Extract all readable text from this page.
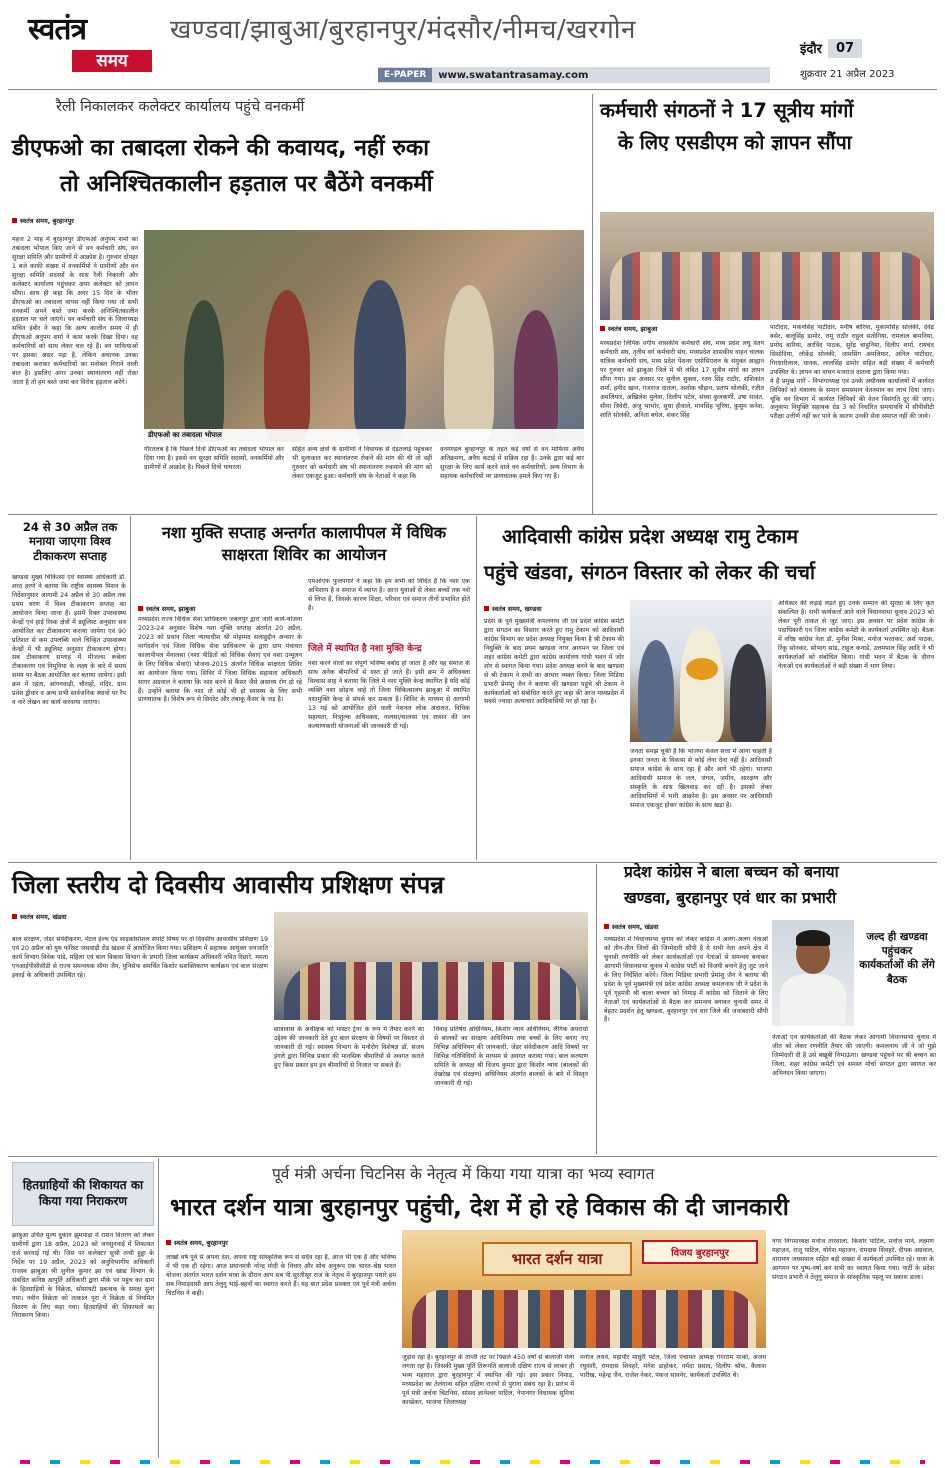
स्वतंत्र
समय
खण्डवा/झाबुआ/बुरहानपुर/मंदसौर/नीमच/खरगोन
E-PAPER	www.swatantrasamay.com
इंदौर	07
शुक्रवार 21 अप्रैल 2023
रैली निकालकर कलेक्टर कार्यालय पहुंचे वनकर्मी
डीएफओ का तबादला रोकने की कवायद, नहीं रुका
तो अनिश्चितकालीन हड़ताल पर बैठेंगे वनकर्मी
स्वतंत्र समय, बुरहानपुर
महज 2 माह में बुरहानपुर डीएफओ अनुपम शर्मा का तबादला भोपाल किए जाने से वन कर्मचारी संघ, वन सुरक्षा समिति और ग्रामीणों में आक्रोश है। गुरुवार दोपहर 1 बजे काफी संख्या में वनकर्मियों ने ग्रामीणों और वन सुरक्षा समिति सदस्यों के साथ रैली निकाली और कलेक्टर कार्यालय पहुंचकर अपर कलेक्टर को ज्ञापन सौंपा। साथ ही कहा कि अगर 15 दिन के भीतर डीएफओ का तबादला वापस नहीं किया गया तो सभी वनकर्मी अपने बस्ते जमा करके अनिश्चितकालीन हड़ताल पर चले जाएंगे। वन कर्मचारी संघ के जिलाध्यक्ष सचिन हंबीर ने कहा कि अल्प कालीन समय में ही डीएफओ अनुपम शर्मा ने काम करके दिखा दिया। वह कर्मचारियों को साथ लेकर चल रहे हैं। वन माफियाओं पर इसका असर पड़ा है, लेकिन अचानक उनका तबादला कराकर कर्मचारियों का मनोबल गिराने वाली बात है। इसलिए अगर उनका स्थानांतरण नहीं रोका जाता है तो हम बस्ते जमा कर विरोध हड़ताल करेंगे।
डीएफओ का तबादला भोपाल
गौरतलब है कि पिछले दिनों डीएफओ का तबादला भोपाल कर दिया गया है। इससे वन सुरक्षा समिति सदस्यों, वनकर्मियों और ग्रामीणों में आक्रोश है। पिछले दिनों घाघरला
सहित अन्य क्षेत्रों के ग्रामीणों ने विधायक से देड़तलाई पहुंचकर भी मुलाकात कर स्थानांतरण रोकने की मांग की थी तो वहीं गुरुवार को कर्मचारी संघ भी स्थानांतरण रुकवाने की मांग को लेकर एकजुट हुआ। कर्मचारी संघ के नेताओं ने कहा कि
वनमण्डल बुरहानपुर के तहत कई वर्षों से वन माफिया अवैध अतिक्रमण, अवैध कटाई में सक्रिय रहा है। उनके द्वारा कई बार सुरक्षा के लिए कार्य करने वाले वन कर्मचारियों, अन्य विभाग के सहायक कर्मचारियों पर प्राणघातक हमले किए गए हैं।
कर्मचारी संगठनों ने 17 सूत्रीय मांगों
के लिए एसडीएम को ज्ञापन सौंपा
स्वतंत्र समय, झाबुआ
मध्यप्रदेश लिपिक वर्गीय शासकीय कर्मचारी संघ, मध्य प्रदेश लघु वेतन कर्मचारी संघ, तृतीय वर्ग कर्मचारी संघ, मध्यप्रदेश शासकीय वाहन चालक यांत्रिक कर्मचारी संघ, मध्य प्रदेश पेंशनर एसोसिएशन के संयुक्त आह्वान पर गुरुवार को झाबुआ जिले में भी लंबित 17 सूत्रीय मांगों का ज्ञापन सौंपा गया। इस अवसर पर सुनील शुक्ला, रतन सिंह राठौर, शशिकांत शर्मा, हमीद खान, गजराज दातला, अशोक चौहान, प्रताप सोलंकी, रंजीत अमलियार, अखिलेश मुलेवा, दिलीप पटेल, संध्या कुलकर्णी, उषा सावंत, सीमा त्रिवेदी, अजु भाभोर, सुधा हीवाले, मानसिंह भूरिया, कुसुम कनेश, शांति सोलंकी, अनिता बघेल, शंकर सिंह
पाटीदार, मकनसिंह पाटीदार, मनीष बारिया, मुकामसिंह सोलंकी, देवेंद्र बसेर, बालूसिंह डामोर, रामू राठौर राहुल सतोगिया, रामलाल बामनिया, प्रमोद बारिया, अरविंद पाठक, सुरेंद्र चाहुनिया, दिलीप शर्मा, रायचंद सिसोदिया, लोकेंद्र सोलंकी, जामसिंग अमलियार, अनिल पाटीदार, गिरधारीलाल, धानक, लालसिंह डामोर सहित बड़ी संख्या में कर्मचारी उपस्थित थे। ज्ञापन का वाचन मजराज दातला द्वारा किया गया।
ये हैं प्रमुख मांगें - विभागाध्यक्ष एवं उनके अधीनस्थ कार्यालयों में कार्यरत लिपिकों को मंत्रालय के समान समसमान वेतनमान का लाभ दिया जाए। चूंकि वन विभाग में कार्यरत लिपिकों की वेतन विसंगति दूर की जाए। अनुकंपा नियुक्ति सहायक ग्रेड 3 को निर्धारित समयावधि में सीपीसीटी परीक्षा उत्तीर्ण नहीं कर पाने के कारण उनकी सेवा समाप्त नहीं की जाये।
24 से 30 अप्रैल तक मनाया जाएगा विश्व टीकाकरण सप्ताह
खण्डवा मुख्य चिकित्सा एवं स्वास्थ्य अधिकारी डॉ. शरद हरणे ने बताया कि राष्ट्रीय स्वास्थ्य मिशन के निर्देशानुसार आगामी 24 अप्रैल से 30 अप्रैल तक प्रथम चरण में विश्व टीकाकरण सप्ताह का आयोजन किया जाना है। इसमें रिक्त उपस्वास्थ्य केन्द्रों एवं हाई रिस्क क्षेत्रों में ड्यूलिस्ट अनुसार सत्र आयोजित कर टीकाकरण कराया जायेगा एवं 90 प्रतिशत से कम उपलब्धि वाले चिन्हित उपस्वास्थ्य केन्द्रों में भी ड्यूलिस्ट अनुसार टीकाकरण होगा। सब टीकाकरण सप्ताह में मीजल्स रूबेला टीकाकरण एवं निमूनिया के लक्ष्य के बारे में समय समय पर बैठक आयोजित कर बताया जायेगा। इसी क्रम में रहता, आंगनवाड़ी, चौराहों, मंदिर, ग्राम प्रवेश द्वीवार व अन्य सभी सार्वजनिक स्थानों पर रैंप व नारे लेखन का कार्य करवाया जाएगा।
नशा मुक्ति सप्ताह अन्तर्गत कालापीपल में विधिक साक्षरता शिविर का आयोजन
स्वतंत्र समय, झाबुआ
मध्यप्रदेश राज्य विधिक सेवा प्राधिकरण जबलपुर द्वारा जारी कार्य-योजना 2023-24 अनुसार विशेष नशा मुक्ति सप्ताह अंतर्गत 20 अप्रैल, 2023 को प्रधान जिला न्यायाधीश श्री मोहम्मद सलाहुद्दीन अन्सार के मार्गदर्शन एवं जिला विधिक सेवा प्राधिकरण के द्वारा ग्राम पंचायत कालापीपल मेंनालसा (नशा पीड़ितों को विधिक सेवाएं एवं नशा उन्मूलन के लिए विधिक सेवाएं) योजना-2015 अंतर्गत विधिक साक्षरता शिविर का आयोजन किया गया। शिविर में जिला विधिक सहायता अधिकारी सागर अग्रवाल ने बताया कि नशा करने से कैंसर जैसे असाध्य रोग हो रहे हैं। उन्होंने बताया कि नशा तो कोई भी हो स्वास्थ्य के लिए सभी प्राणघातक है। विशेष रूप से सिगरेट और तंबाकू कैंसर के जड़ है।
एमओएफ फुलपगारे ने कहा कि हम सभी को विदित है कि नशा एक अभिशाप है व समाज में व्याप्त है। आज युवाओं से लेकर बच्चों तक नशे से लिप्त हैं, जिसके कारण शिक्षा, परिवार एवं समाज तीनों प्रभावित होते हैं।
जिले में स्थापित है नशा मुक्ति केन्द्र
नशा करने वालों का संपूर्ण भविष्य बर्बाद हो जाता है और वह समाज के साथ अनेक बीमारियों से ग्रस्त हो जाते हैं। इसी क्रम में अधिवक्ता विश्वास शाह ने बताया कि जिले में नशा मुक्ति केन्द्र स्थापित है यदि कोई व्यक्ति नशा छोड़ना चाहे तो जिला चिकित्सालय झाबुआ में स्थापित नशामुक्ति केन्द्र से संपर्क कर सकता है। शिविर के माध्यम से आगामी 13 मई को आयोजित होने वाली नेशनल लोक अदालत, विधिक सहायता, निःशुल्क अधिवक्ता, नालसा/सालसा एवं शासन की जन कल्याणकारी योजनाओं की जानकारी दी गई।
आदिवासी कांग्रेस प्रदेश अध्यक्ष रामु टेकाम
पहुंचे खंडवा, संगठन विस्तार को लेकर की चर्चा
स्वतंत्र समय, खण्डवा
प्रदेश के पूर्व मुख्यमंत्री कमलनाथ जी एवं प्रदेश कांग्रेस कमेटी द्वारा संगठन का विस्तार करते हुए रामु टेकाम को आदिवासी कांग्रेस विभाग का प्रदेश अध्यक्ष नियुक्त किया है श्री टेकाम की नियुक्ति के बाद प्रथम खण्डवा नगर आगमन पर जिला एवं शहर कांग्रेस कमेटी द्वारा कांग्रेस कार्यालय गांधी भवन में जोर शोर से स्वागत किया गया। प्रदेश अध्यक्ष बनने के बाद खण्डवा से श्री टेकाम ने सभी का आभार व्यक्त किया। जिला मिडिया प्रभारी प्रेमांशु जैन ने बताया की खण्डवा पहुंचे श्री टेकाम ने कार्यकर्ताओं को संबोधित करते हुए कहा की आज मध्यप्रदेश में सबसे ज्यादा अत्याचार आदिवासियों पर हो रहा है।
जनता समझ चुकी है कि भाजपा केवल सत्ता में आना चाहती है इनका जनता के विकास से कोई लेना देना नहीं है। आदिवासी समाज कांग्रेस के साथ रहा है और आगे भी रहेगा। भाजपा आदिवासी समाज के जल, जंगल, जमीन, आरक्षण और संस्कृति के साथ खिलवाड़ कर रही है। इसको लेकर आदिवासियों में भारी आक्रोश है। इस अवसर पर आदिवासी समाज एकजुट होकर कांग्रेस के साथ खड़ा है।
अधिकार की लड़ाई लड़ते हुए उनके सम्मान की सुरक्षा के लिए कृत संकल्पित है। सभी कार्यकर्ता आने वाले विधानसभा चुनाव 2023 को लेकर पूरी ताकत से जुट जाए। इस अवसर पर प्रदेश कांग्रेस के पदाधिकारी एवं जिला कांग्रेस कमेटी के कार्यकर्ता उपस्थित रहे। बैठक में वरिष्ठ कांग्रेस नेता डॉ. मुनीश मिश्रा, मनोज भरतकर, अर्श पाठक, रिंकू सोनकर, सोभाग सांड, राहुल कनाडे, उत्तमपाल सिंह आदि ने भी कार्यकर्ताओं को संबोधित किया। गांधी भवन में बैठक के दौरान नेताओं एवं कार्यकर्ताओं ने बड़ी संख्या में भाग लिया।
जिला स्तरीय दो दिवसीय आवासीय प्रशिक्षण संपन्न
स्वतंत्र समय, खंडवा
बाल संरक्षण, जेंडर संवेदीकरण, मेंटल हेल्थ एंड साइकोसोशल सपोर्ट विषय पर दो दिवसीय आवासीय प्रशिक्षण 19 एवं 20 अप्रैल को युथ फॉरेस्ट जसवाड़ी रोड खंडवा में आयोजित किया गया। प्रशिक्षण में सहायक आयुक्त जनजाति कार्य विभाग विवेक पांडे, महिला एवं बाल विकास विभाग के प्रभारी जिला कार्यक्रम अधिकारी नवित रिछारे, ममता एनआईपीसीसीडी से राज्य समन्वयक सीमा जैन, युनिसेफ समर्थित किशोर सशक्तिकरण कार्यक्रम एवं बाल संरक्षण इकाई के अधिकारी उपस्थित रहे।
छात्रावास के अधीक्षक को मास्टर ट्रेनर के रूप में तैयार करने का उद्देश्य की जानकारी देते हुए बाल संरक्षण के विषयों पर विस्तार से जानकारी दी गई। स्वास्थ्य विभाग के मनोरोग विशेषज्ञ डॉ. संजय इंगले द्वारा विभिन्न प्रकार की मानसिक बीमारियों से अवगत कराते हुए किस प्रकार हम इन बीमारियों से निजात पा सकते हैं।
विवाह प्रतिषेध अधिनियम, किशोर न्याय अधिनियम, लैंगिक अपराधों से बालकों का संरक्षण अधिनियम तथा बच्चों के लिए बनाए गए विभिन्न अधिनियम की जानकारी, जेंडर संवेदीकरण आदि विषयों पर विभिन्न गतिविधियों के माध्यम से अवगत कराया गया। बाल कल्याण समिति के अध्यक्ष श्री विजय कुमार द्वारा किशोर न्याय (बालकों की देखरेख एवं संरक्षण) अधिनियम अंतर्गत बालकों के बारे में विस्तृत जानकारी दी गई।
प्रदेश कांग्रेस ने बाला बच्चन को बनाया
खण्डवा, बुरहानपुर एवं धार का प्रभारी
स्वतंत्र समय, खंडवा
मध्यप्रदेश में विधानसभा चुनाव को लेकर कांग्रेस ने अलग-अलग नेताओं को तीन-तीन जिलों की जिम्मेदारी सौंपी है ये सभी नेता अपने क्षेत्र में चुनावी रणनीति को लेकर कार्यकर्ताओं एवं नेताओं से समन्वय बनाकर आगामी विधानसभा चुनाव में कांग्रेस पार्टी को विजयी बनाने हेतु जुट जाने के लिए निर्देशित करेंगे। जिला मिडिया प्रभारी प्रेमांशु जैन ने बताया की प्रदेश के पूर्व मुख्यमंत्री एवं प्रदेश कांग्रेस अध्यक्ष कमलनाथ जी ने प्रदेश के पूर्व गृहमंत्री श्री बाला बच्चन को निमाड़ में कांग्रेस को जिताने के लिए नेताओं एवं कार्यकर्ताओं से बैठक कर समन्वय बनाकर चुनावी समर में बेहतर प्रदर्शन हेतु खण्डवा, बुरहानपुर एवं धार जिले की जवाबदारी सौंपी है।
जल्द ही खण्डवा पहुंचकर कार्यकर्ताओं की लेंगे बैठक
नेताओं एवं कार्यकर्ताओं की बैठक लेकर आगामी विधानसभा चुनाव में जीत को लेकर रणनीति तैयार की जाएगी। कमलनाथ जी ने जो मुझे जिम्मेदारी दी है उसे बखूबी निभाऊंगा। खण्डवा पहुंचने पर श्री बच्चन का जिला, शहर कांग्रेस कमेटी एवं समस्त मोर्चा संगठन द्वारा स्वागत कर अभिनंदन किया जाएगा।
हितग्राहियों की शिकायत का किया गया निराकरण
झाबुआ उचित मूल्य दुकान झुमपाड़ा में राशन वितरण को लेकर ग्रामीणों द्वारा 18 अप्रैल, 2023 को जनसुनवाई में शिकायत दर्ज करवाई गई थी। जिस पर कलेक्टर सुश्री तन्वी हुड्डा के निर्देश पर 19 अप्रैल, 2023 को अनुविभागीय अधिकारी राजस्व झाबुआ श्री सुनील कुमार झा एवं खाद्य विभाग के संबंधित कनिष्ठ आपूर्ति अधिकारी द्वारा मौके पर पहुंच कर ग्राम के हितग्राहियों के विक्रेता, सोसायटी प्रबन्धक के समक्ष सुना गया। नवीन विक्रेता को तत्काल पूरा ने विक्रेता से नियमित वितरण के लिए कहा गया। हितग्राहियों की शिकायतों का निराकरण किया।
पूर्व मंत्री अर्चना चिटनिस के नेतृत्व में किया गया यात्रा का भव्य स्वागत
भारत दर्शन यात्रा बुरहानपुर पहुंची, देश में हो रहे विकास की दी जानकारी
स्वतंत्र समय, बुरहानपुर
लाखों वर्ष पूर्व से अपना देश, अपना राष्ट्र सांस्कृतिक रूप से सदैव रहा है, आज भी एक है और भविष्य में भी एक ही रहेगा। आज प्रधानमंत्री नरेन्द्र मोदी के विचार और सोच अनुरूप एक भारत-श्रेष्ठ भारत योजना अंतर्गत भारत दर्शन यात्रा के दौरान आप सब पी.सुरतीसूर राज के नेतृत्व में बुरहानपुर पधारे हम सब निमाड़वासी आप तेलुगु भाई-बहनों का स्वागत करते हैं। यह बात प्रदेश प्रवक्ता एवं पूर्व मंत्री अर्चना चिटनिस ने कही।
भारत दर्शन यात्रा	विजय बुरहानपुर
जुड़ाव रहा है। बुरहानपुर के ताप्ती तट पर पिछले 450 वर्षों से बालाजी मेला लगता रहा है। जिसकी मुख्य पूर्ति तिरूपति बालाजी दक्षिण राज्य से लाकर ही भव्य महाराज द्वारा बुरहानपुर में स्थापित की गई। इस प्रकार निमाड़, मध्यप्रदेश का तेलंगाना सहित दक्षिण राज्यों से पुराना संबंध रहा है। प्रारंभ में पूर्व मंत्री अर्चना चिटनिस, सांसद ज्ञानेश्वर पाटिल, नेपानगर विधायक सुमित्रा कास्डेकर, भाजपा जिलाध्यक्ष
मनोज लधवे, महापौर माधुरी पटेल, जिला पंचायत अध्यक्ष गंगाराम मार्को, अजय रघुवंशी, रामदास शिवहरे, मंगेश डाहोकर, नर्मदा प्रसाद, दिलीप श्रॉफ, कैलाश पारीख, महेन्द्र जैन, राजेश नेकर, पंकज सावनेर, कार्यकर्ता उपस्थित थे।
नगर निगमाध्यक्ष मनोज तारवाला, किशोर पाटिल, मनोज माने, लक्ष्मण महाजन, राजू पाटिल, योगेश महाजन, रामदास शिवहरे, दीपक अग्रवाल, नारायण जयसवाल सहित बड़ी संख्या में कार्यकर्ता उपस्थित रहे। यात्रा के आगमन पर पुष्प-वर्षा कर सभी का स्वागत किया गया। पार्टी के प्रदेश संगठन प्रभारी ने तेलुगु समाज के सांस्कृतिक पहलू पर प्रकाश डाला।
